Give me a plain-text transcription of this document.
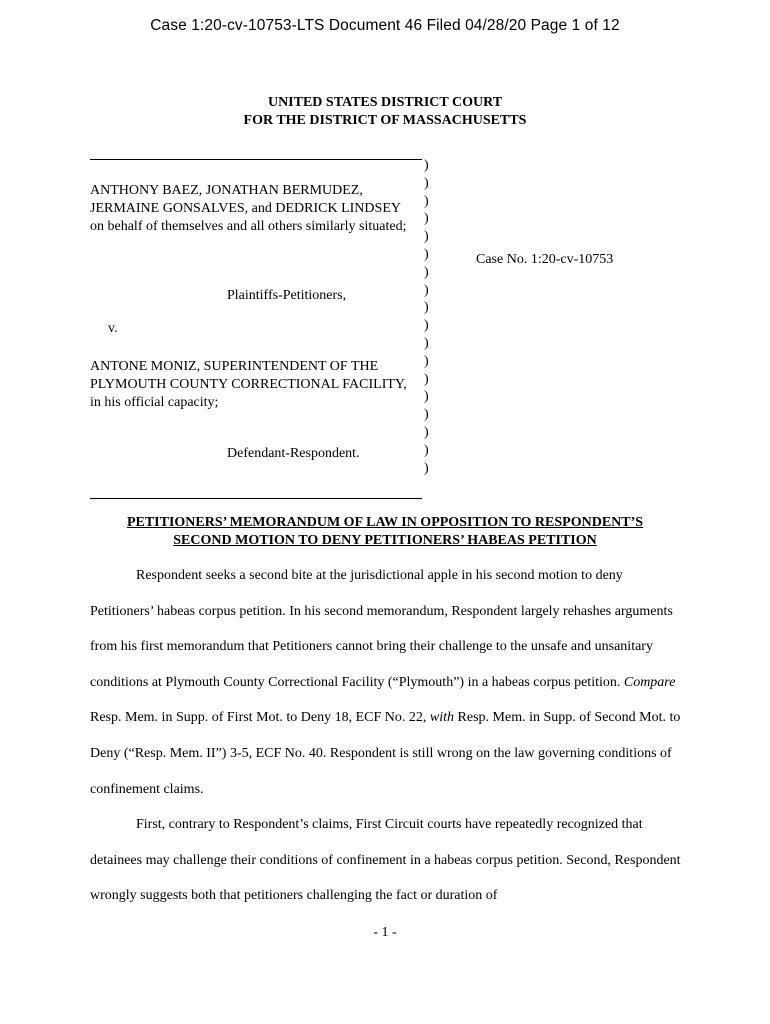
Case 1:20-cv-10753-LTS Document 46 Filed 04/28/20 Page 1 of 12
UNITED STATES DISTRICT COURT
FOR THE DISTRICT OF MASSACHUSETTS
)
)
)
)
)
)
)
)
)
)
)
)
)
)
)
)
)
)
ANTHONY BAEZ, JONATHAN BERMUDEZ, JERMAINE GONSALVES, and DEDRICK LINDSEY on behalf of themselves and all others similarly situated;
Plaintiffs-Petitioners,
v.
ANTONE MONIZ, SUPERINTENDENT OF THE PLYMOUTH COUNTY CORRECTIONAL FACILITY, in his official capacity;
Defendant-Respondent.
Case No. 1:20-cv-10753
PETITIONERS’ MEMORANDUM OF LAW IN OPPOSITION TO RESPONDENT’S
SECOND MOTION TO DENY PETITIONERS’ HABEAS PETITION

Respondent seeks a second bite at the jurisdictional apple in his second motion to deny Petitioners’ habeas corpus petition. In his second memorandum, Respondent largely rehashes arguments from his first memorandum that Petitioners cannot bring their challenge to the unsafe and unsanitary conditions at Plymouth County Correctional Facility (“Plymouth”) in a habeas corpus petition. Compare Resp. Mem. in Supp. of First Mot. to Deny 18, ECF No. 22, with Resp. Mem. in Supp. of Second Mot. to Deny (“Resp. Mem. II”) 3-5, ECF No. 40. Respondent is still wrong on the law governing conditions of confinement claims.

First, contrary to Respondent’s claims, First Circuit courts have repeatedly recognized that detainees may challenge their conditions of confinement in a habeas corpus petition. Second, Respondent wrongly suggests both that petitioners challenging the fact or duration of

- 1 -
